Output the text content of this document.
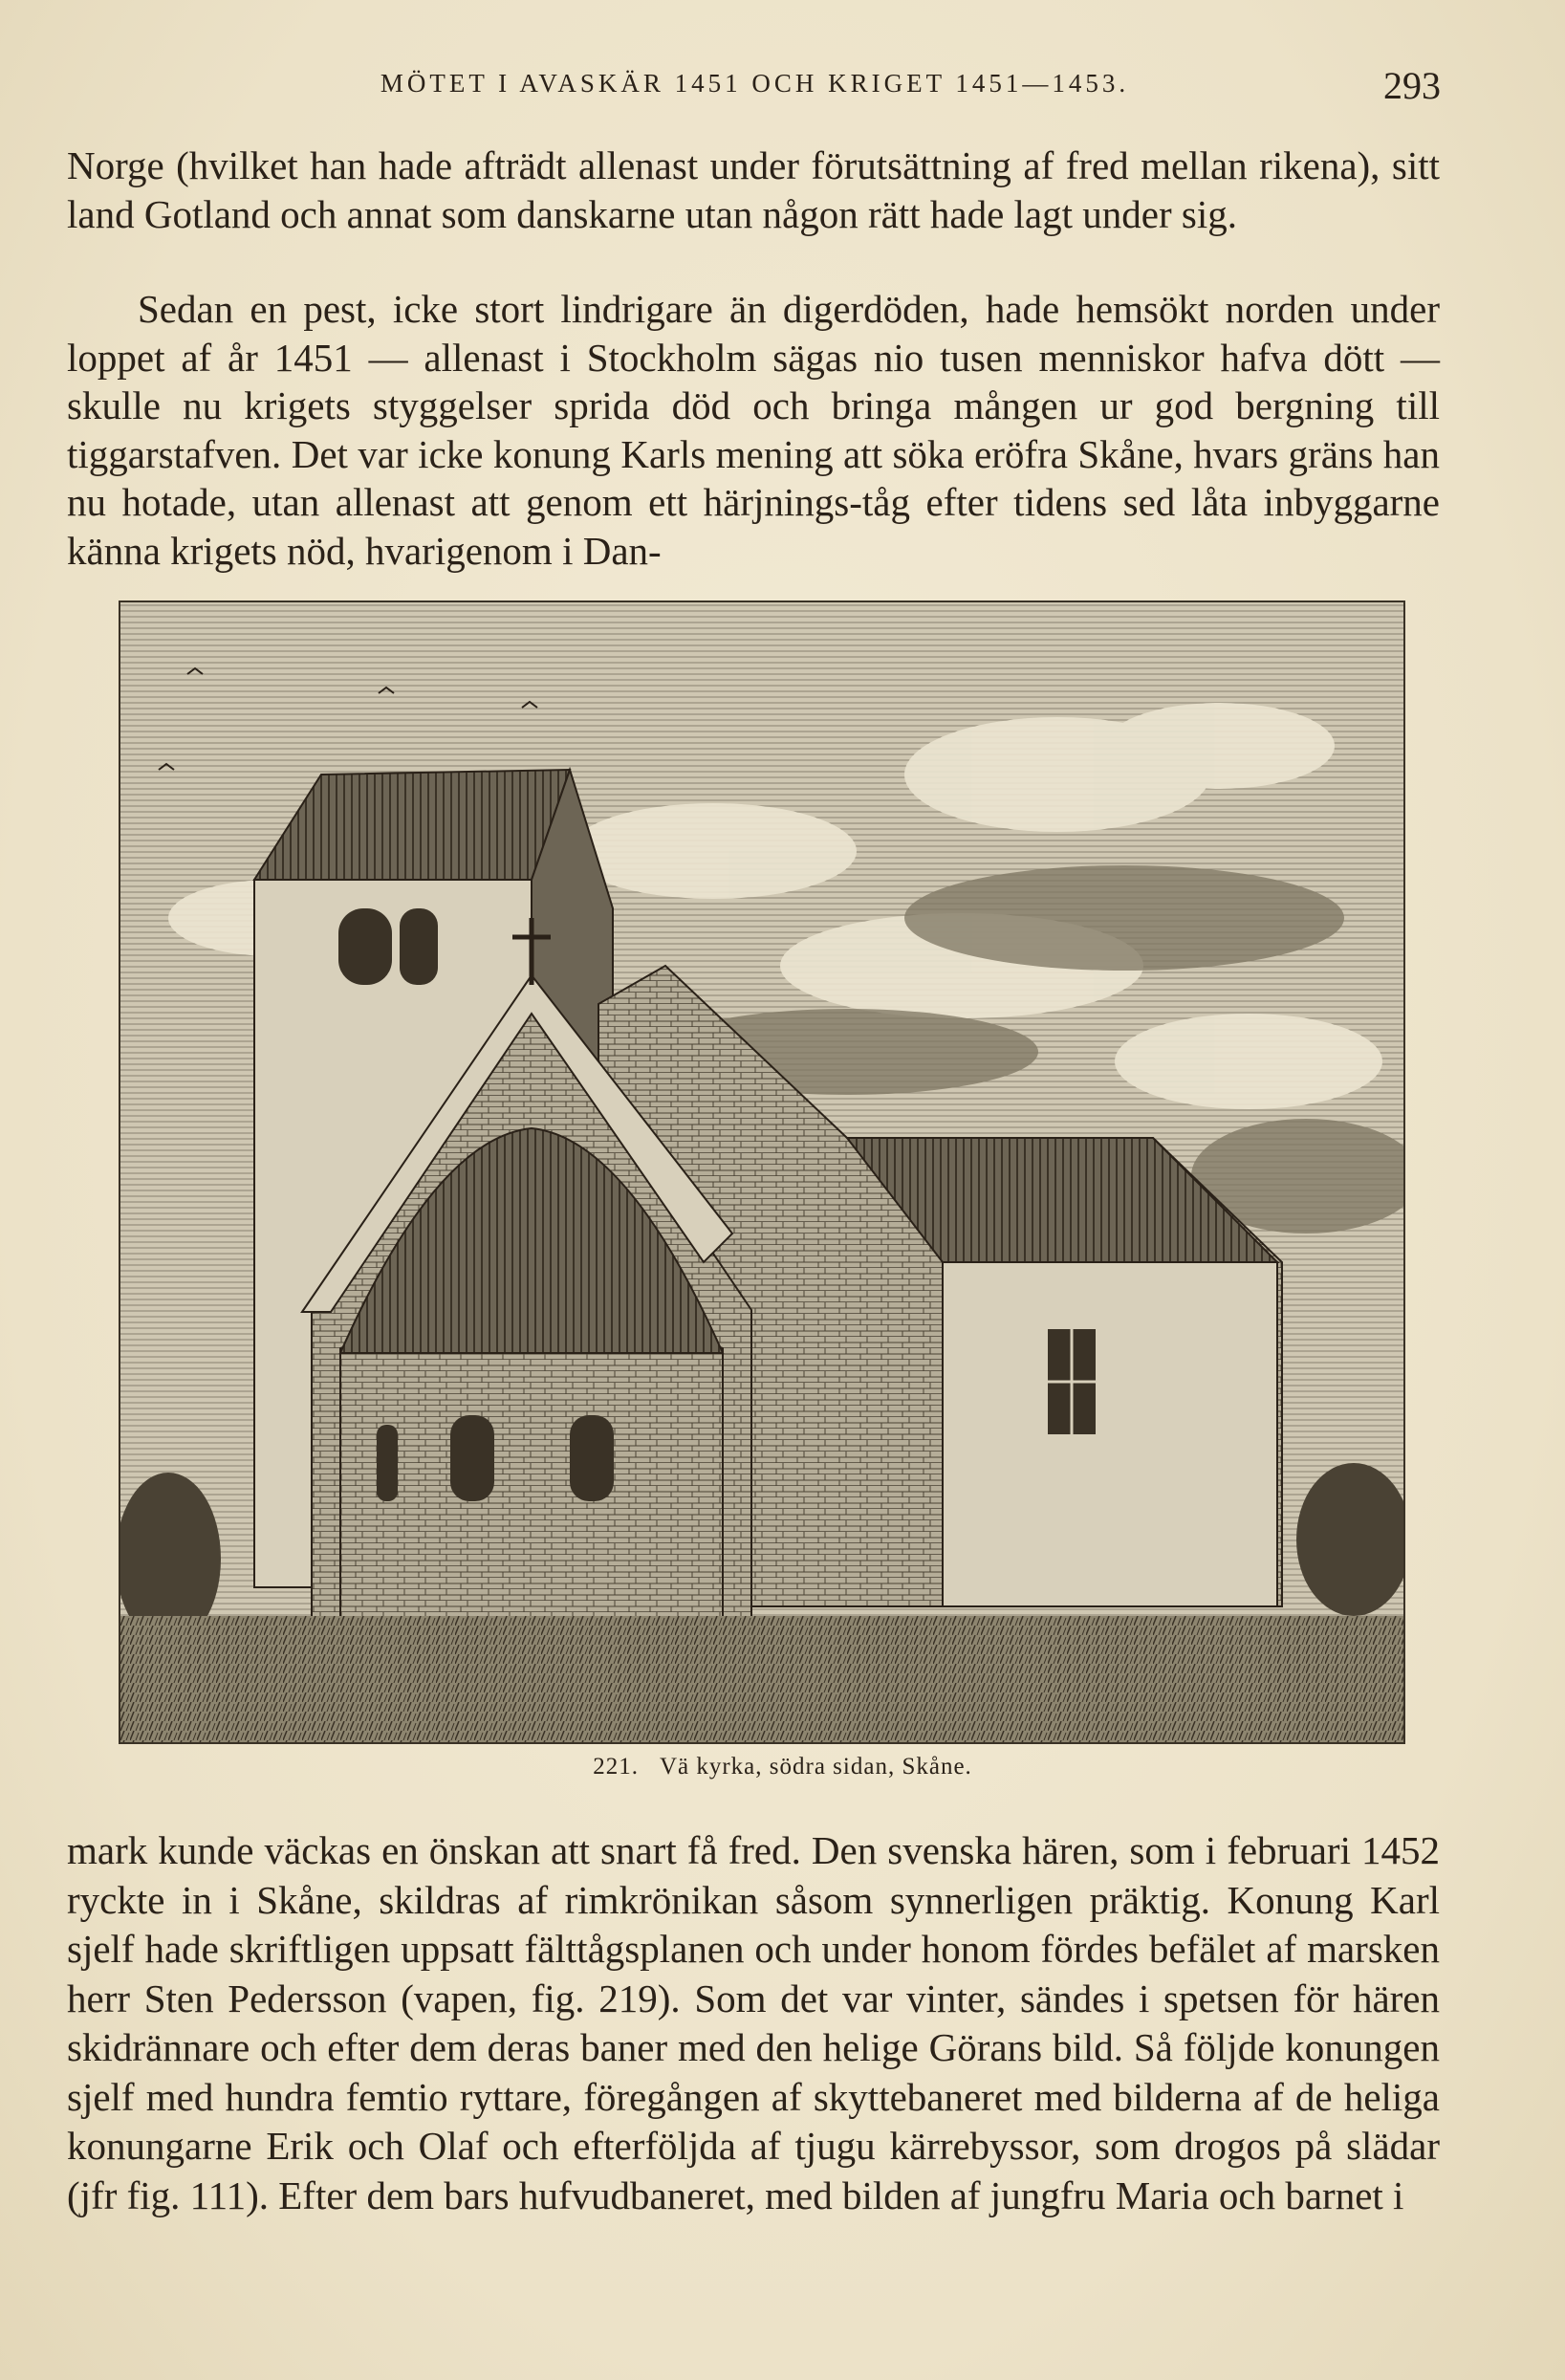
MÖTET I AVASKÄR 1451 OCH KRIGET 1451—1453.	293

Norge (hvilket han hade afträdt allenast under förutsättning af fred mellan rikena), sitt land Gotland och annat som danskarne utan någon rätt hade lagt under sig.

Sedan en pest, icke stort lindrigare än digerdöden, hade hemsökt norden under loppet af år 1451 — allenast i Stockholm sägas nio tusen menniskor hafva dött — skulle nu krigets styggelser sprida död och bringa mången ur god bergning till tiggarstafven. Det var icke konung Karls mening att söka eröfra Skåne, hvars gräns han nu hotade, utan allenast att genom ett härjnings-tåg efter tidens sed låta inbyggarne känna krigets nöd, hvarigenom i Dan-

221. Vä kyrka, södra sidan, Skåne.

mark kunde väckas en önskan att snart få fred. Den svenska hären, som i februari 1452 ryckte in i Skåne, skildras af rimkrönikan såsom synnerligen präktig. Konung Karl sjelf hade skriftligen uppsatt fälttågsplanen och under honom fördes befälet af marsken herr Sten Pedersson (vapen, fig. 219). Som det var vinter, sändes i spetsen för hären skidrännare och efter dem deras baner med den helige Görans bild. Så följde konungen sjelf med hundra femtio ryttare, föregången af skyttebaneret med bilderna af de heliga konungarne Erik och Olaf och efterföljda af tjugu kärrebyssor, som drogos på slädar (jfr fig. 111). Efter dem bars hufvudbaneret, med bilden af jungfru Maria och barnet i
